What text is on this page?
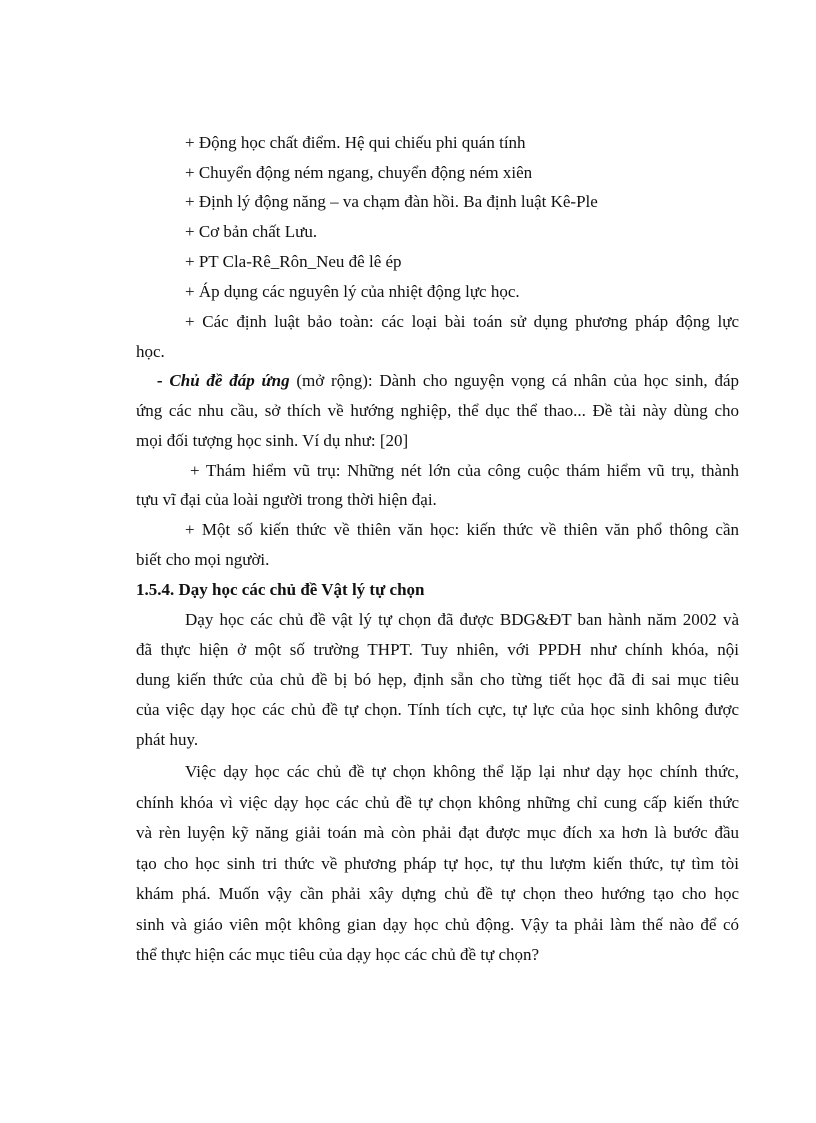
+ Động học chất điểm. Hệ qui chiếu phi quán tính
+ Chuyển động ném ngang, chuyển động ném xiên
+ Định lý động năng – va chạm đàn hồi. Ba định luật Kê-Ple
+ Cơ bản chất Lưu.
+ PT Cla-Rê_Rôn_Neu đê lê ép
+ Áp dụng các nguyên lý của nhiệt động lực học.
+ Các định luật bảo toàn: các loại bài toán sử dụng phương pháp động lực
học.
- Chủ đề đáp ứng (mở rộng): Dành cho nguyện vọng cá nhân của học sinh, đáp
ứng các nhu cầu, sở thích về hướng nghiệp, thể dục thể thao... Đề tài này dùng cho
mọi đối tượng học sinh. Ví dụ như: [20]
+ Thám hiểm vũ trụ: Những nét lớn của công cuộc thám hiểm vũ trụ, thành
tựu vĩ đại của loài người trong thời hiện đại.
+ Một số kiến thức về thiên văn học: kiến thức về thiên văn phổ thông cần
biết cho mọi người.
1.5.4. Dạy học các chủ đề Vật lý tự chọn
Dạy học các chủ đề vật lý tự chọn đã được BDG&ĐT ban hành năm 2002 và
đã thực hiện ở một số trường THPT. Tuy nhiên, với PPDH như chính khóa, nội
dung kiến thức của chủ đề bị bó hẹp, định sẵn cho từng tiết học đã đi sai mục tiêu
của việc dạy học các chủ đề tự chọn. Tính tích cực, tự lực của học sinh không được
phát huy.
Việc dạy học các chủ đề tự chọn không thể lặp lại như dạy học chính thức,
chính khóa vì việc dạy học các chủ đề tự chọn không những chỉ cung cấp kiến thức
và rèn luyện kỹ năng giải toán mà còn phải đạt được mục đích xa hơn là bước đầu
tạo cho học sinh tri thức về phương pháp tự học, tự thu lượm kiến thức, tự tìm tòi
khám phá. Muốn vậy cần phải xây dựng chủ đề tự chọn theo hướng tạo cho học
sinh và giáo viên một không gian dạy học chủ động. Vậy ta phải làm thế nào để có
thể thực hiện các mục tiêu của dạy học các chủ đề tự chọn?
